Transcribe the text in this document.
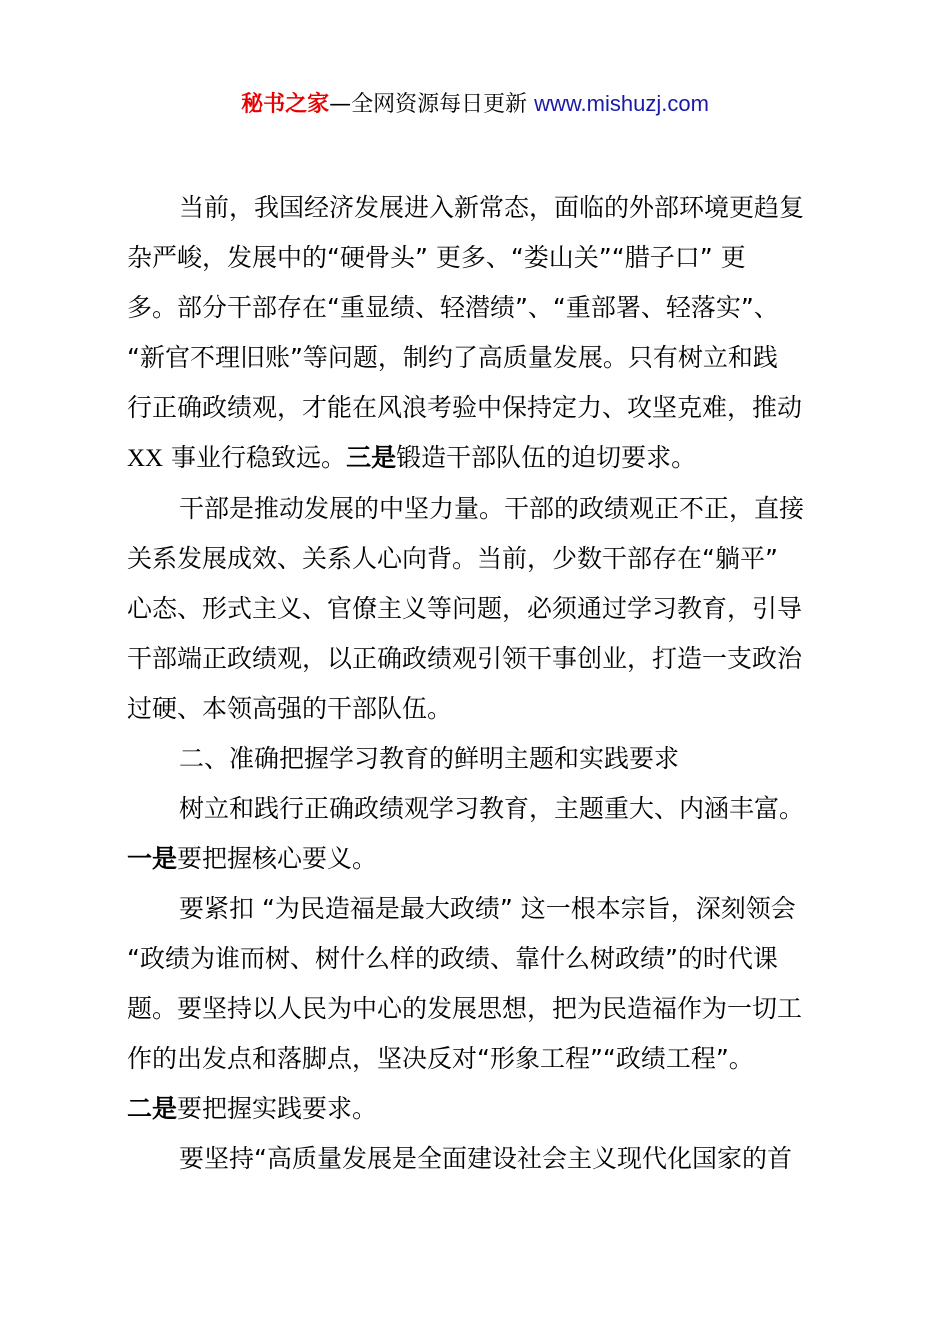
秘书之家—全网资源每日更新 www.mishuzj.com

当前，我国经济发展进入新常态，面临的外部环境更趋复

杂严峻，发展中的“硬骨头” 更多、“娄山关”“腊子口” 更

多。部分干部存在“重显绩、轻潜绩”、“重部署、轻落实”、

“新官不理旧账”等问题，制约了高质量发展。只有树立和践

行正确政绩观，才能在风浪考验中保持定力、攻坚克难，推动

XX 事业行稳致远。三是锻造干部队伍的迫切要求。

干部是推动发展的中坚力量。干部的政绩观正不正，直接

关系发展成效、关系人心向背。当前，少数干部存在“躺平”

心态、形式主义、官僚主义等问题，必须通过学习教育，引导

干部端正政绩观，以正确政绩观引领干事创业，打造一支政治

过硬、本领高强的干部队伍。

二、准确把握学习教育的鲜明主题和实践要求

树立和践行正确政绩观学习教育，主题重大、内涵丰富。

一是要把握核心要义。

要紧扣 “为民造福是最大政绩” 这一根本宗旨，深刻领会

“政绩为谁而树、树什么样的政绩、靠什么树政绩”的时代课

题。要坚持以人民为中心的发展思想，把为民造福作为一切工

作的出发点和落脚点，坚决反对“形象工程”“政绩工程”。

二是要把握实践要求。

要坚持“高质量发展是全面建设社会主义现代化国家的首
